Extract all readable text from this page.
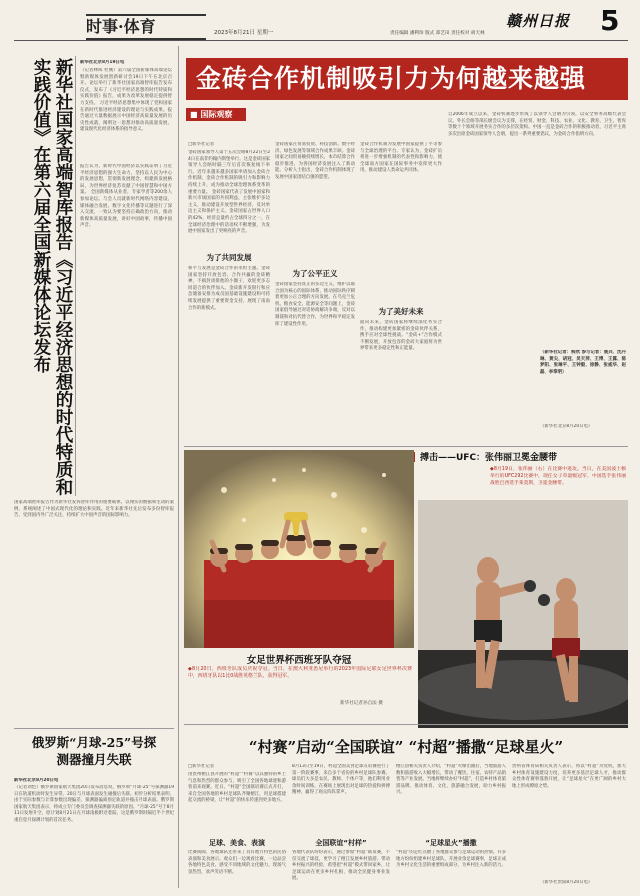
时事·体育	2023年8月21日 星期一
赣州日报 5
责任编辑 潘利珍 版式 郑艺田 责任校对 胡天林
新华社北京8月19日电
（记者林晖 杜刚）第六届全国新媒体高端论坛暨新媒体发展创新研讨会19日下午在北京召开。论坛举行了新华社国家高端智库报告发布仪式，发布了《习近平经济思想的时代特质和实践价值》报告，成果为改革发展稳定提供智力支持。 习近平经济思想集中体现了党和国家在新时代推进经济建设的理论与实践成果。报告通过大量数据展示中国经济高质量发展的历史性成就，阐明这一思想对推动高质量发展、建设现代化经济体系的指导意义。
报告认为，新时代中国经济以实践证明了习近平经济思想的强大生命力，坚持以人民为中心的发展思想，贯彻新发展理念，构建新发展格局，为世界经济复苏贡献了中国智慧和中国方案。 全国新媒体从业者，专家学者等200余人参加论坛。与会人员就新时代网络内容建设、媒体融合发展、数字文化传播等议题进行了深入交流，一致认为要坚持正确政治方向，推动新媒体高质量发展，讲好中国故事，传播中国声音。
新华社国家高端智库报告《习近平经济思想的时代特质和实践价值》在第六届全国新媒体论坛发布
国家高端智库报告作为新华社发挥智库作用的重要载体，以翔实的数据和生动的案例，系统阐述了中国式现代化的理论和实践。近年来新华社先后发布多份智库报告，受到国内外广泛关注，持续扩大中国声音的国际影响力。
俄罗斯“月球-25”号探测器撞月失联
新华社北京8月20日电
（记者刘恺）俄罗斯国家航天集团20日发布消息说，俄罗斯“月球-25”号探测器19日在轨道机动时发生异常，20日与月球表面发生碰撞后失联。初步分析结果表明，由于实际参数与计算参数出现偏差，探测器偏离预定轨道并撞击月球表面。俄罗斯国家航天集团表示，将成立专门委员会调查探测器失联的原因。“月球-25”号于8月11日发射升空，原计划8月21日在月球南极附近着陆，这是俄罗斯时隔近半个世纪重启登月探测计划的首次任务。
金砖合作机制吸引力为何越来越强
■ 国际观察
□新华社记者
金砖国家领导人第十五次会晤8月22日至24日在南非约翰内斯堡举行。这是金砖国家领导人会晤时隔三年后首次恢复线下举行。近年来越来越多国家申请加入金砖合作机制，金砖合作机制的吸引力和影响力持续上升，成为推动全球治理体系变革的重要力量。 金砖国家代表了发展中国家和新兴市场国家的共同利益，主张维护多边主义，推动建设开放型世界经济，反对单边主义和保护主义。金砖国家占世界人口的42%，经济总量约占全球四分之一，在全球经济治理中的话语权不断增强，为发展中国家发出了更响亮的声音。
为了共同发展
和平与发展是金砖合作的永恒主题。金砖国家坚持开放包容、合作共赢的金砖精神，不搞封闭排他的小圈子，欢迎更多志同道合的伙伴加入。金砖新开发银行和应急储备安排为成员国基础设施建设和可持续发展提供了重要资金支持，展现了南南合作的新模式。
金砖国家在贸易投资、科技创新、数字经济、绿色发展等领域合作成果丰硕。金砖国家之间贸易额持续增长，本币结算合作稳步推进，为各国经济发展注入了新动能。分析人士指出，金砖合作机制体现了发展中国家团结自强的愿望。
为了公平正义
金砖国家坚持真正的多边主义，维护以联合国为核心的国际体系，推动国际秩序朝着更加公正合理的方向发展。在乌克兰危机、粮食安全、能源安全等问题上，金砖国家倡导通过对话协商解决争端，反对以制裁和对抗代替合作，为世界和平稳定发挥了建设性作用。
金砖合作机制为发展中国家提供了平等参与全球治理的平台。专家认为，金砖扩员将进一步增强机制的代表性和影响力，使全球南方国家在国际事务中发挥更大作用，推动建设人类命运共同体。
为了美好未来
面向未来，金砖国家将继续深化务实合作，推动构建更加紧密的金砖伙伴关系，携手应对全球性挑战。“金砖+”合作模式不断发展，开放包容的金砖大家庭将为世界带来更多稳定性和正能量。
自2006年成立以来，金砖机制逐步形成了以领导人会晤为引领，以安全事务高级代表会议、外长会晤等部长级会议为支撑，在经贸、财金、科技、农业、文化、教育、卫生、智库等数十个领域开展务实合作的多层次架构。中国一直是金砖合作的积极推动者，习近平主席多次出席金砖国家领导人会晤，提出一系列重要倡议，为金砖合作指明方向。
（新华社记者：柳欣 参与记者：姚兵、沈丹琳、黄尖、胡冠、吴天萍、王博、王露、陈梦阳、张琳平、王钟毅、徐静、张威华、赵磊、李奉明）
（新华社北京8月20日电）
搏击——UFC：张伟丽卫冕金腰带
◆8月19日，张伟丽（右）在比赛中进攻。当日，在美国波士顿举行的UFC292比赛中，现任女子草量级冠军、中国选手张伟丽战胜巴西选手莱莫斯，卫冕金腰带。
女足世界杯西班牙队夺冠
◆8月20日，西班牙队成员庆祝夺冠。当日，在澳大利亚悉尼举行的2023年国际足联女足世界杯决赛中，西班牙队以1比0战胜英格兰队，获得冠军。
新华社记者孙自法 摄
“村赛”启动“全国联谊” “村超”播撒“足球星火”
□新华社记者
由贵州榕江县开展的“村超”“村赛”以其独特的乡土气息和热烈的群众参与，吸引了全国各地球迷和游客前来观赛。近日，“村超”全国联谊赛正式开打，来自全国各地的乡村足球队齐聚榕江，用足球搭建起交流的桥梁，让“村超”的快乐传递到更多地方。
足球、美食、表演
比赛间隙，各地球队还带来了具有地方特色的民俗表演和美食展示。观众们一边观看比赛，一边品尝各地特色美食，感受不同地域的文化魅力，现场气氛热烈，欢声笑语不断。
8月13日至19日，村超全国美食足球友谊赛进行了第一阶段赛事，来自多个省份的乡村足球队参赛。球员们大多是农民、教师、个体户等，他们利用业余时间训练，在赛场上展现出对足球的热爱和拼搏精神，赢得了观众阵阵掌声。
全国联谊“村样”
各地代表队纷纷表示，通过参加“村超”联谊赛，不仅交流了球技，更学习了榕江发展乡村旅游、带动乡村振兴的经验，希望把“村超”模式带回家乡，让足球运动在更多乡村扎根，推动全民健身事业发展。
榕江县相关负责人介绍，“村超”火爆出圈后，当地旅游人数和旅游收入大幅增长，带动了餐饮、住宿、农特产品销售等产业发展。当地将继续办好“村超”，打造乡村体育旅游品牌，推动体育、文化、旅游融合发展，助力乡村振兴。
“足球星火”播撒
“村超”的走红点燃了各地群众参与足球运动的热情。许多地方纷纷组建乡村足球队，开展业余足球赛事，足球正成为乡村文化生活的重要组成部分，为乡村注入新的活力。
贵州省体育局相关负责人表示，将以“村超”为契机，加大乡村体育设施建设力度，培养更多基层足球人才，推动群众性体育赛事蓬勃开展，让“足球星火”在更广阔的乡村大地上形成燎原之势。
（新华社贵阳8月20日电）
